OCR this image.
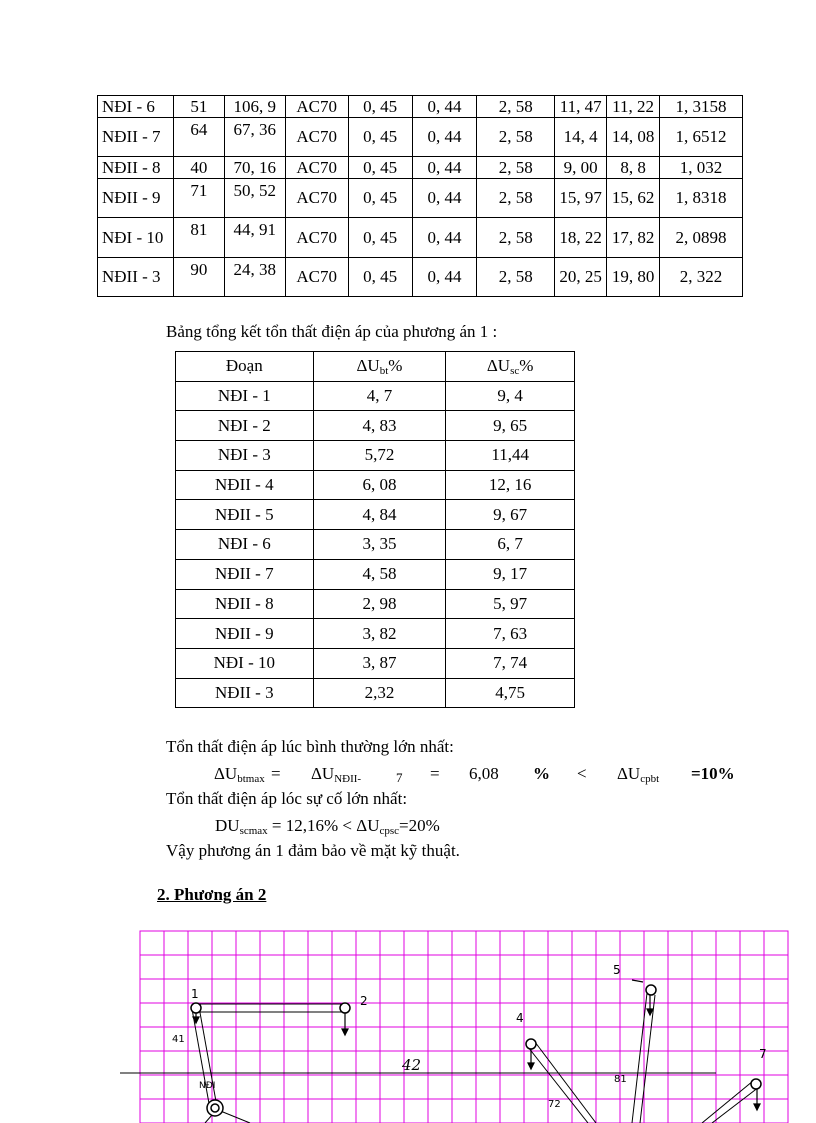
NĐI - 6	51	106, 9	AC70	0, 45	0, 44	2, 58	11, 47	11, 22	1, 3158
NĐII - 7	64	67, 36	AC70	0, 45	0, 44	2, 58	14, 4	14, 08	1, 6512
NĐII - 8	40	70, 16	AC70	0, 45	0, 44	2, 58	9, 00	8, 8	1, 032
NĐII - 9	71	50, 52	AC70	0, 45	0, 44	2, 58	15, 97	15, 62	1, 8318
NĐI - 10	81	44, 91	AC70	0, 45	0, 44	2, 58	18, 22	17, 82	2, 0898
NĐII - 3	90	24, 38	AC70	0, 45	0, 44	2, 58	20, 25	19, 80	2, 322
Bảng tổng kết tổn thất điện áp của phương án 1 :
Đoạn	$\Delta U_{bt}\%$	$\Delta U_{sc}\%$
NĐI - 1	4, 7	9, 4
NĐI - 2	4, 83	9, 65
NĐI - 3	5,72	11,44
NĐII - 4	6, 08	12, 16
NĐII - 5	4, 84	9, 67
NĐI - 6	3, 35	6, 7
NĐII - 7	4, 58	9, 17
NĐII - 8	2, 98	5, 97
NĐII - 9	3, 82	7, 63
NĐI - 10	3, 87	7, 74
NĐII - 3	2,32	4,75
Tổn thất điện áp lúc bình thường lớn nhất:
$\Delta U_{btmax} = \Delta U_{NĐII-}$	7 = 6,08 % < $\Delta U_{cpbt} =10\%$
Tổn thất điện áp lóc sự cố lớn nhất:
$DU_{scmax} = 12,16\% < \Delta U_{cpsc}=20\%$
Vậy phương án 1 đảm bảo về mặt kỹ thuật.
2. Phương án 2
1	2
4
5
7
41
42
72
81
NĐI
